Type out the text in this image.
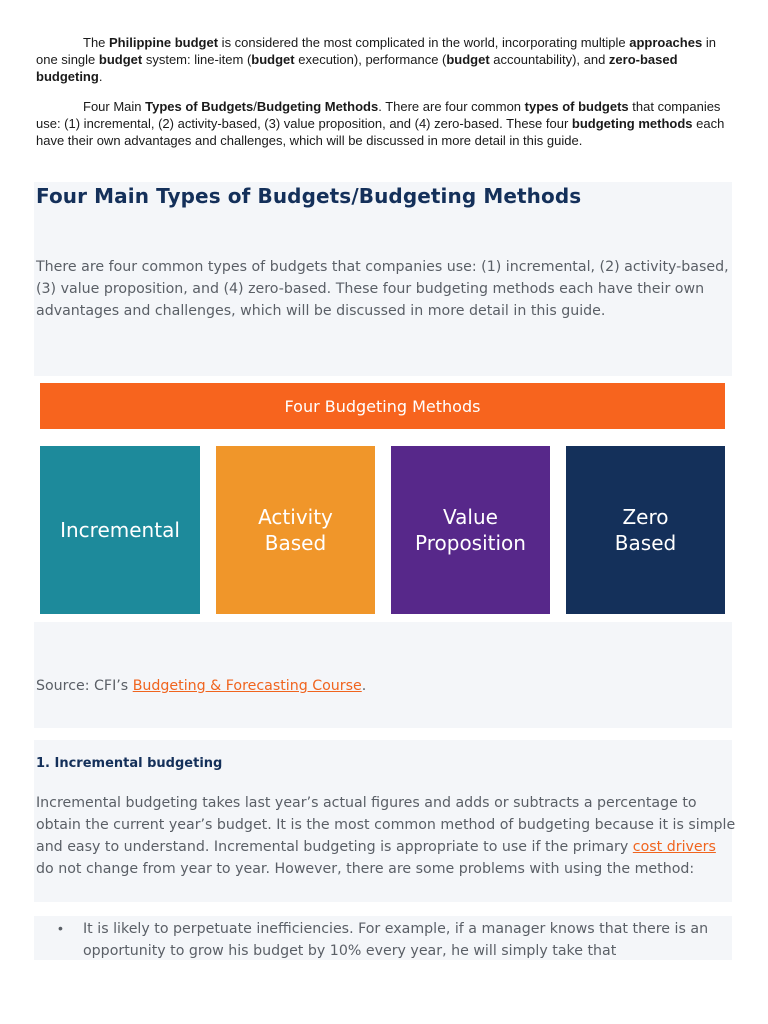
The Philippine budget is considered the most complicated in the world, incorporating multiple approaches in one single budget system: line-item (budget execution), performance (budget accountability), and zero-based budgeting.
Four Main Types of Budgets/Budgeting Methods. There are four common types of budgets that companies use: (1) incremental, (2) activity-based, (3) value proposition, and (4) zero-based. These four budgeting methods each have their own advantages and challenges, which will be discussed in more detail in this guide.
Four Main Types of Budgets/Budgeting Methods
There are four common types of budgets that companies use: (1) incremental, (2) activity-based, (3) value proposition, and (4) zero-based. These four budgeting methods each have their own advantages and challenges, which will be discussed in more detail in this guide.
Four Budgeting Methods
Incremental
Activity
Based
Value
Proposition
Zero
Based
Source: CFI’s Budgeting & Forecasting Course.
1. Incremental budgeting
Incremental budgeting takes last year’s actual figures and adds or subtracts a percentage to obtain the current year’s budget. It is the most common method of budgeting because it is simple and easy to understand. Incremental budgeting is appropriate to use if the primary cost drivers do not change from year to year. However, there are some problems with using the method:
• It is likely to perpetuate inefficiencies. For example, if a manager knows that there is an opportunity to grow his budget by 10% every year, he will simply take that
